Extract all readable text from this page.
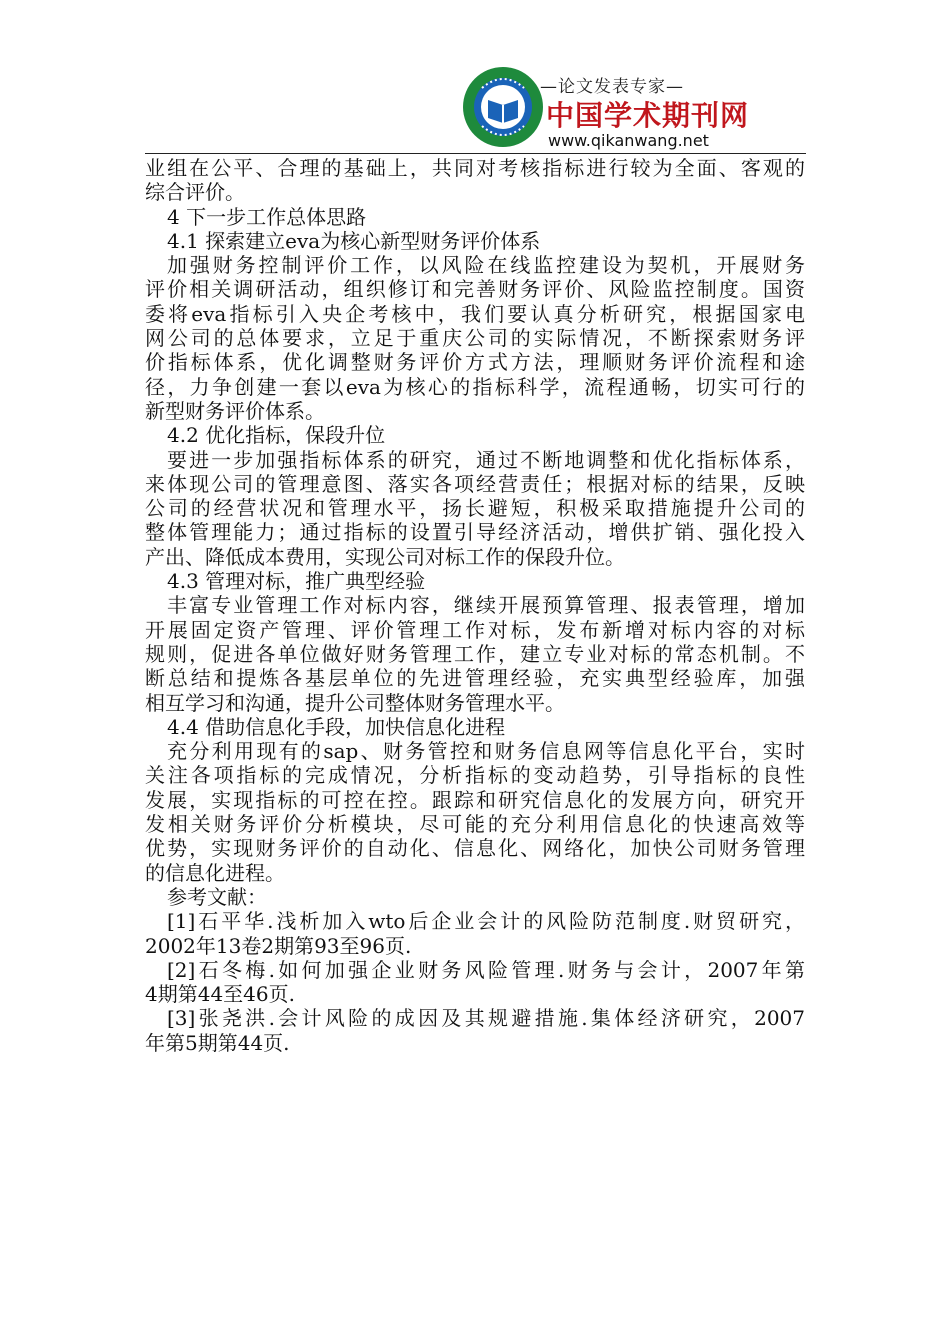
—论文发表专家—
中国学术期刊网
www.qikanwang.net
业组在公平、合理的基础上，共同对考核指标进行较为全面、客观的
综合评价。
4 下一步工作总体思路
4.1 探索建立eva为核心新型财务评价体系
加强财务控制评价工作，以风险在线监控建设为契机，开展财务
评价相关调研活动，组织修订和完善财务评价、风险监控制度。国资
委将eva指标引入央企考核中，我们要认真分析研究，根据国家电
网公司的总体要求，立足于重庆公司的实际情况，不断探索财务评
价指标体系，优化调整财务评价方式方法，理顺财务评价流程和途
径，力争创建一套以eva为核心的指标科学，流程通畅，切实可行的
新型财务评价体系。
4.2 优化指标，保段升位
要进一步加强指标体系的研究，通过不断地调整和优化指标体系，
来体现公司的管理意图、落实各项经营责任；根据对标的结果，反映
公司的经营状况和管理水平，扬长避短，积极采取措施提升公司的
整体管理能力；通过指标的设置引导经济活动，增供扩销、强化投入
产出、降低成本费用，实现公司对标工作的保段升位。
4.3 管理对标，推广典型经验
丰富专业管理工作对标内容，继续开展预算管理、报表管理，增加
开展固定资产管理、评价管理工作对标，发布新增对标内容的对标
规则，促进各单位做好财务管理工作，建立专业对标的常态机制。不
断总结和提炼各基层单位的先进管理经验，充实典型经验库，加强
相互学习和沟通，提升公司整体财务管理水平。
4.4 借助信息化手段，加快信息化进程
充分利用现有的sap、财务管控和财务信息网等信息化平台，实时
关注各项指标的完成情况，分析指标的变动趋势，引导指标的良性
发展，实现指标的可控在控。跟踪和研究信息化的发展方向，研究开
发相关财务评价分析模块，尽可能的充分利用信息化的快速高效等
优势，实现财务评价的自动化、信息化、网络化，加快公司财务管理
的信息化进程。
参考文献：
[1]石平华.浅析加入wto后企业会计的风险防范制度.财贸研究，
2002年13卷2期第93至96页.
[2]石冬梅.如何加强企业财务风险管理.财务与会计，2007年第
4期第44至46页.
[3]张尧洪.会计风险的成因及其规避措施.集体经济研究，2007
年第5期第44页.
